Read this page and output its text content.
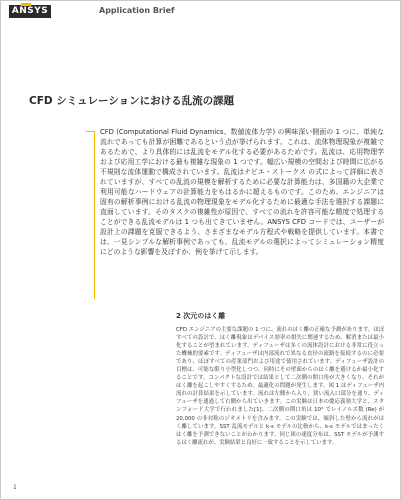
ANSYS	Application Brief
CFD シミュレーションにおける乱流の課題

CFD (Computational Fluid Dynamics、数値流体力学) の興味深い側面の 1 つに、単純な流れであっても計算が困難であるという点が挙げられます。これは、流体物理現象が複雑であるためで、より具体的には乱流をモデル化する必要があるためです。乱流は、応用物理学および応用工学における最も複雑な現象の 1 つです。幅広い規模の空間および時間に広がる不規則な流体運動で構成されています。乱流はナビエ・ストークス の式によって詳細に表されていますが、すべての乱流の規模を解析するために必要な計算能力は、多国籍の大企業で利用可能なハードウェアの計算能力をもはるかに超えるものです。このため、エンジニアは固有の解析事例における乱流の物理現象をモデル化するために最適な手法を選択する課題に直面しています。そのタスクの複雑性が原因で、すべての流れを許容可能な精度で処理することができる乱流モデルは 1 つも出てきていません。ANSYS CFD コードでは、ユーザーが設計上の課題を克服できるよう、さまざまなモデル方程式や戦略を提供しています。本書では、一見シンプルな解析事例であっても、乱流モデルの選択によってシミュレーション精度にどのような影響を及ぼすか、例を挙げて示します。

2 次元のはく離

CFD エンジニアの主要な課題の 1 つに、流れのはく離の正確な予測があります。ほぼすべての設計で、はく離現象はデバイス効率の損失に関連するため、解消または最小化することが望まれています。ディフューザは多くの流体設計における非常に役立った機械的要素です。ディフューザは内部流れで異なる直径の流路を接続するのに必要であり、ほぼすべての産業部門および用途で使用されています。ディフューザ設計の目標は、可能な限り小型化しつつ、同時にその壁面からのはく離を避けるか最小化することです。コンパクトな設計では結果として二次側の開口角が大きくなり、それがはく離を起こしやすくするため、最適化の問題が発生します。図 1 はディフューザ内流れの計算結果を示しています。流れは左側から入り、狭い流入口部分を通り、ディフューザを通過して右側から出ていきます。この実験は日本の慶応義塾大学と、スタンフォード大学で行われました[1]。二次側の開口角は 10° でレイノルズ数 (Re) が 20,000 の非対称のジオメトリを含みます。この実験では、傾斜した壁から流れがはく離しています。SST 乱流モデルと k-ε モデルの比較から、k-ε モデルではまったくはく離を予測できないことがわかります。同じ図の速度分布は、SST モデルが予測するはく離流れが、実験結果と良好に一致することを示しています。

1
